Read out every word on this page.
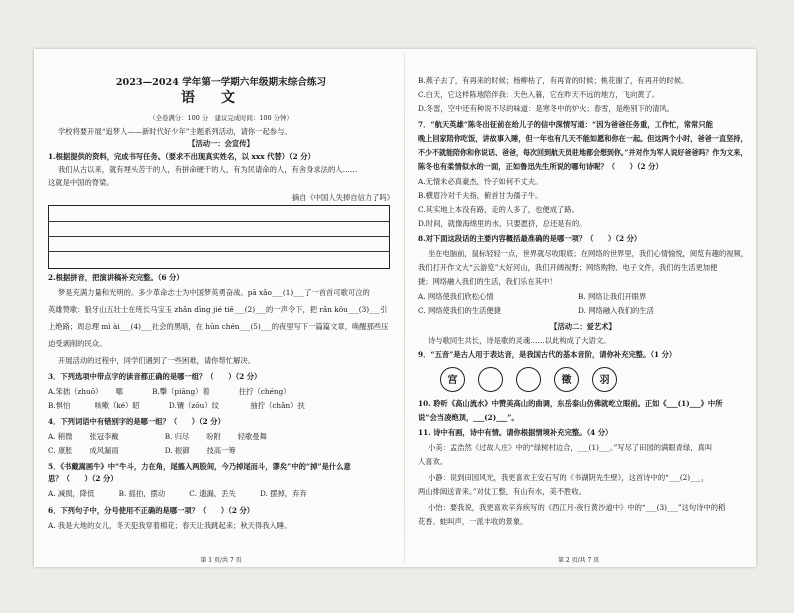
2023—2024 学年第一学期六年级期末综合练习
语文
（全卷满分：100 分　建议完成时间：100 分钟）
学校将要开展“追梦人——新时代好少年”主题系列活动，请你一起参与。
【活动一：会宣传】
1.根据提供的资料，完成书写任务。（要求不出现真实姓名，以 xxx 代替）（2 分）
我们从古以来，就有埋头苦干的人，有拼命硬干的人，有为民请命的人，有舍身求法的人……
这就是中国的脊梁。
摘自《中国人失掉自信力了吗》
2.根据拼音，把演讲稿补充完整。（6 分）
梦是充满力量和光明的。多少革命志士为中国梦英勇奋战。pā xǎo___(1)___了一首首可歌可泣的
英雄赞歌：狼牙山五壮士在班长马宝玉 zhǎn dīng jié tiě___(2)___的一声令下，把 rǎn kǒu___(3)___引
上绝路；周总理 mì ài___(4)___社会的黑暗，在 hūn chén___(5)___的夜里写下一篇篇文章，唤醒那些压
迫受剥削的民众。
开展活动的过程中，同学们遇到了一些困难，请你帮忙解决。
3．下列选项中带点字的读音都正确的是哪一组？（　　）（2 分）
A.笨拙（zhuō）　　 哪　　　　B.擊（piāng）着　　　　拄拧（chéng）
B.惧怕　　　 咳嗽（ké）昭　　　　D.镶（zōu）纹　　　　 抽拧（chǎn）扶
4．下列词语中有错别字的是哪一组？（　　）（2 分）
A. 稍微　　 张冠李戴　　　　　　 B. 归尽　　 吩附　　 轻歌曼舞
C. 康胀　　 成风漏雨　　　　　　 D. 振御　　 技高一筹
5．《书戴嵩画牛》中“牛斗，力在角，尾搐入两股间，今乃掉尾而斗，谬矣”中的“掉”是什么意
思？（　　）（2 分）
A. 减损，降低　　　 B. 摇拍，摆动　　　 C. 遗漏，丢失　　　 D. 摆掉，弃弃
6．下列句子中，分号使用不正确的是哪一项？（　　）（2 分）
A. 我是大地的女儿，冬天犯我穿着棉花；春天让我跳起来；秋天得我入睡。
第 1 页/共 7 页
B.燕子去了，有再来的时候；杨柳枯了，有再青的时候；桃花谢了，有再开的时候。
C.白天，它这样陈地陪伴我：天色入暮，它在昨天不远的地方，飞向黄了。
D.冬雷，空中还有种说不尽的味道：是寒冬中的炉火；春雪，是绝别下的清风。
7．“航天英雄”陈冬出征前在给儿子的信中深情写道：“因为爸爸任务重，工作忙，常常只能
晚上回家陪你吃饭，讲故事入睡，但一年也有几天不能如愿和你在一起。但这两个小时，爸爸一直坚持，
不少不就能陪你和你说话、爸爸，每次回到航天员驻地都会想到你。”并对作为军人说好爸爸吗？作为文来，
陈冬也有柔情似水的一面，正如鲁迅先生所说的哪句诗呢？（　　）（2 分）
A.无情未必真豪杰，怜子如何不丈夫。
B.横眉冷对千夫指，俯首甘为孺子牛。
C.其实地上本没有路，走的人多了，也便成了路。
D.时间，就像海绵里的水，只要愿挤，总还是有的。
8.对下面这段话的主要内容概括最准确的是哪一项？（　　）（2 分）
坐在电脑前，鼠标轻轻一点，世界就尽收眼底；在网络的世界里，我们心情愉悦，阅览有趣的视频，
我们打开作文大“云游览”大好河山，我们开阔视野；网络购物、电子文件，我们的生活更加便
捷；网络融入我们的生活，我们乐在其中！
A. 网络使我们欣松心情	B. 网络让我们开眼界
C. 网络使我们的生活便捷	D. 网络融入我们的生活
【活动二：爱艺术】
诗与歌同生共长，诗是歌的灵魂……以此构成了大语文。
9．“五音”是古人用于表达音，是我国古代的基本音阶，请你补充完整。（1 分）
宫	徵	羽
10. 聆听《高山流水》中赞美高山的曲调，东岳泰山仿佛就屹立眼前。正如《___(1)___》中所
说“会当凌绝顶，___(2)___”。
11. 诗中有画，诗中有情。请你根据情境补充完整。（4 分）
小美：孟浩然《过故人庄》中的“绿树村边合，___(1)___。”写尽了田园的满眼青绿，真叫
人喜欢。
小静：说到田园风光，我更喜欢王安石写的《书湖阴先生壁》，这首诗中的“___(2)___，
两山排闼送青来。”对仗工整，有山有水，美不胜收。
小怡：要我说，我更喜欢辛弃疾写的《西江月·夜行黄沙道中》中的“___(3)___”这句诗中的稻
花香、蛙叫声，一派丰收的景象。
第 2 页/共 7 页
